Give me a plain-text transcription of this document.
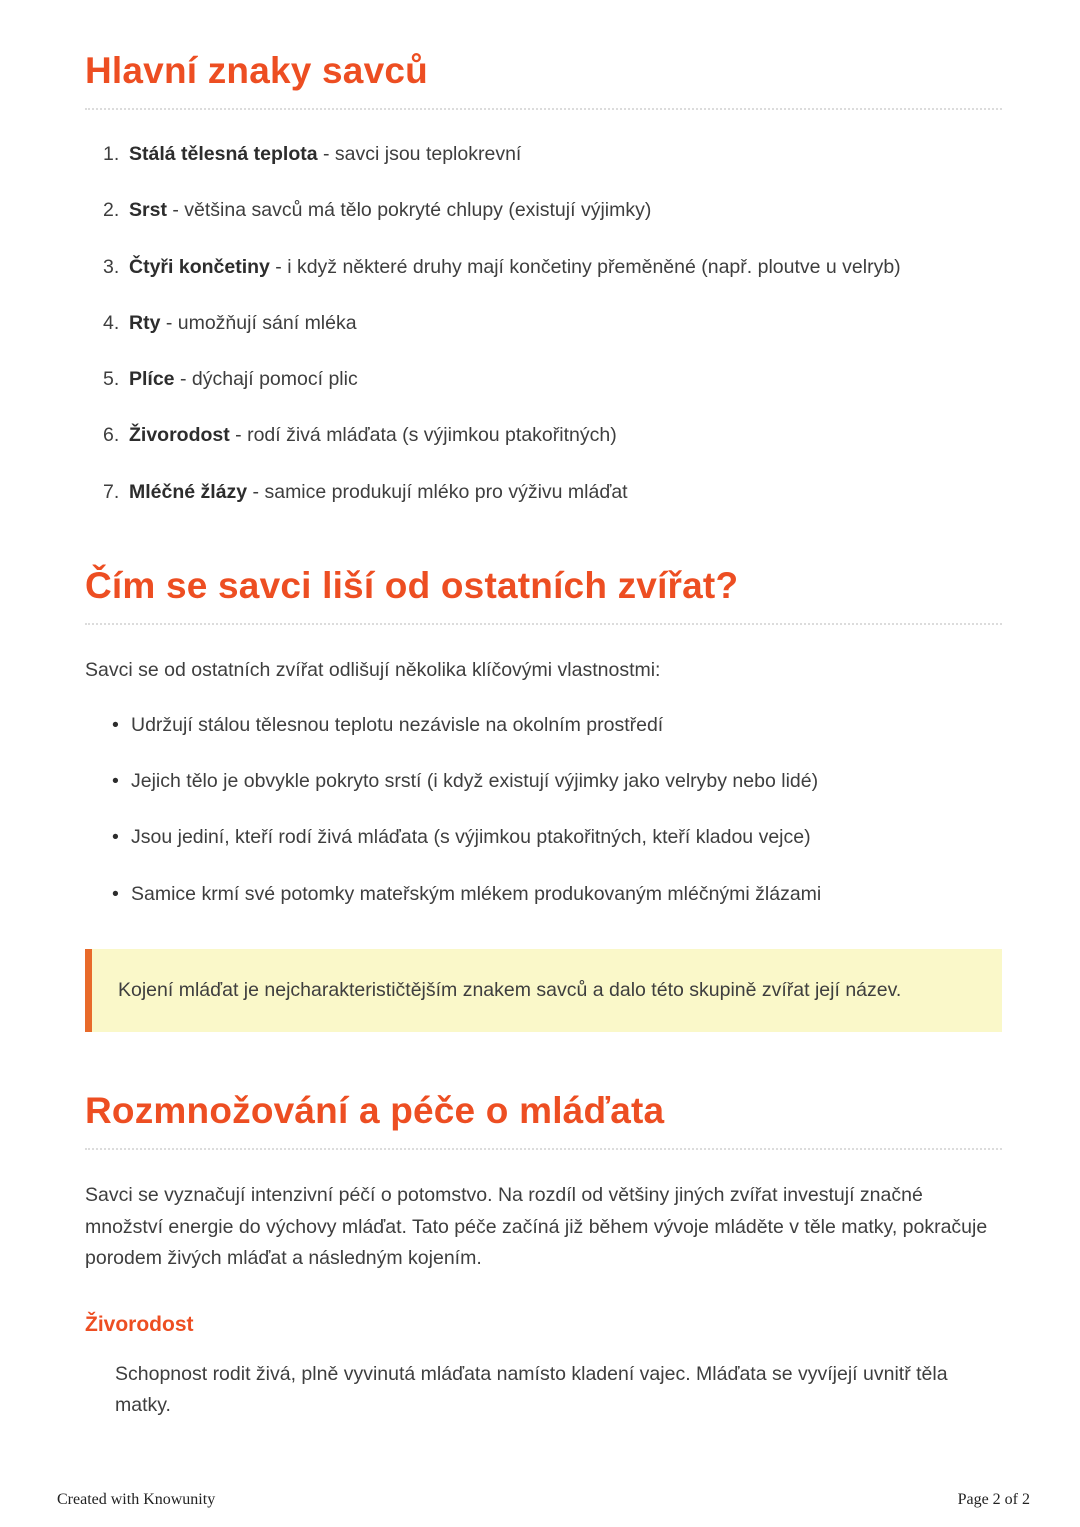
Hlavní znaky savců
1. Stálá tělesná teplota - savci jsou teplokrevní
2. Srst - většina savců má tělo pokryté chlupy (existují výjimky)
3. Čtyři končetiny - i když některé druhy mají končetiny přeměněné (např. ploutve u velryb)
4. Rty - umožňují sání mléka
5. Plíce - dýchají pomocí plic
6. Živorodost - rodí živá mláďata (s výjimkou ptakořitných)
7. Mléčné žlázy - samice produkují mléko pro výživu mláďat
Čím se savci liší od ostatních zvířat?

Savci se od ostatních zvířat odlišují několika klíčovými vlastnostmi:

• Udržují stálou tělesnou teplotu nezávisle na okolním prostředí
• Jejich tělo je obvykle pokryto srstí (i když existují výjimky jako velryby nebo lidé)
• Jsou jediní, kteří rodí živá mláďata (s výjimkou ptakořitných, kteří kladou vejce)
• Samice krmí své potomky mateřským mlékem produkovaným mléčnými žlázami
Kojení mláďat je nejcharakterističtějším znakem savců a dalo této skupině zvířat její název.
Rozmnožování a péče o mláďata

Savci se vyznačují intenzivní péčí o potomstvo. Na rozdíl od většiny jiných zvířat investují značné množství energie do výchovy mláďat. Tato péče začíná již během vývoje mláděte v těle matky, pokračuje porodem živých mláďat a následným kojením.

Živorodost

Schopnost rodit živá, plně vyvinutá mláďata namísto kladení vajec. Mláďata se vyvíjejí uvnitř těla matky.

Created with Knowunity	Page 2 of 2
